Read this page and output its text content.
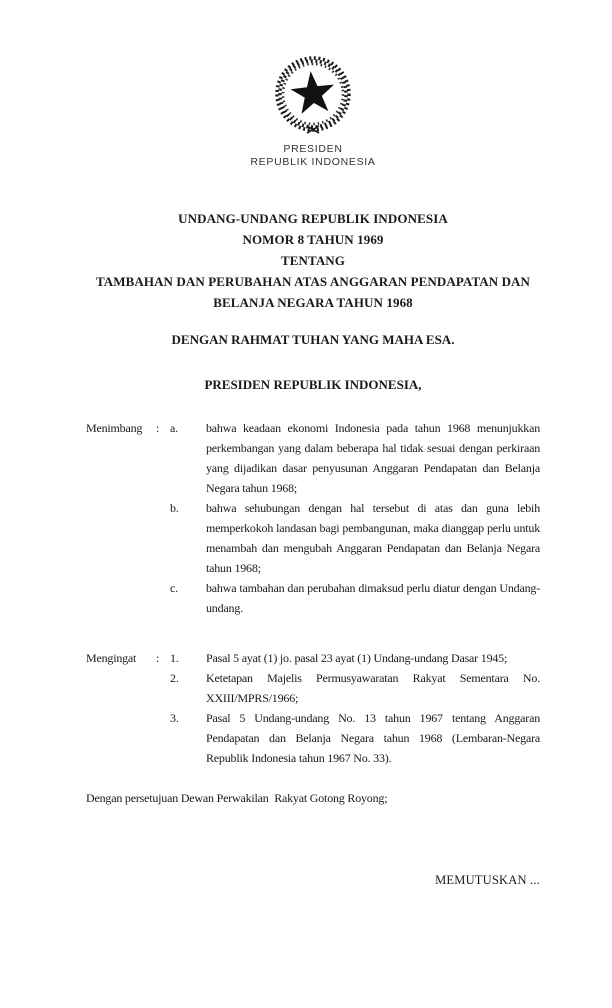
PRESIDEN
REPUBLIK INDONESIA
UNDANG-UNDANG REPUBLIK INDONESIA
NOMOR 8 TAHUN 1969
TENTANG
TAMBAHAN DAN PERUBAHAN ATAS ANGGARAN PENDAPATAN DAN
BELANJA NEGARA TAHUN 1968
DENGAN RAHMAT TUHAN YANG MAHA ESA.
PRESIDEN REPUBLIK INDONESIA,
Menimbang	: a.	bahwa keadaan ekonomi Indonesia pada tahun 1968 menunjukkan perkembangan yang dalam beberapa hal tidak sesuai dengan perkiraan yang dijadikan dasar penyusunan Anggaran Pendapatan dan Belanja Negara tahun 1968;

b.	bahwa sehubungan dengan hal tersebut di atas dan guna lebih memperkokoh landasan bagi pembangunan, maka dianggap perlu untuk menambah dan mengubah Anggaran Pendapatan dan Belanja Negara tahun 1968;

c.	bahwa tambahan dan perubahan dimaksud perlu diatur dengan Undang-undang.

Mengingat	: 1.	Pasal 5 ayat (1) jo. pasal 23 ayat (1) Undang-undang Dasar 1945;

2.	Ketetapan Majelis Permusyawaratan Rakyat Sementara No. XXIII/MPRS/1966;

3.	Pasal 5 Undang-undang No. 13 tahun 1967 tentang Anggaran Pendapatan dan Belanja Negara tahun 1968 (Lembaran-Negara Republik Indonesia tahun 1967 No. 33).

Dengan persetujuan Dewan Perwakilan  Rakyat Gotong Royong;
MEMUTUSKAN ...
